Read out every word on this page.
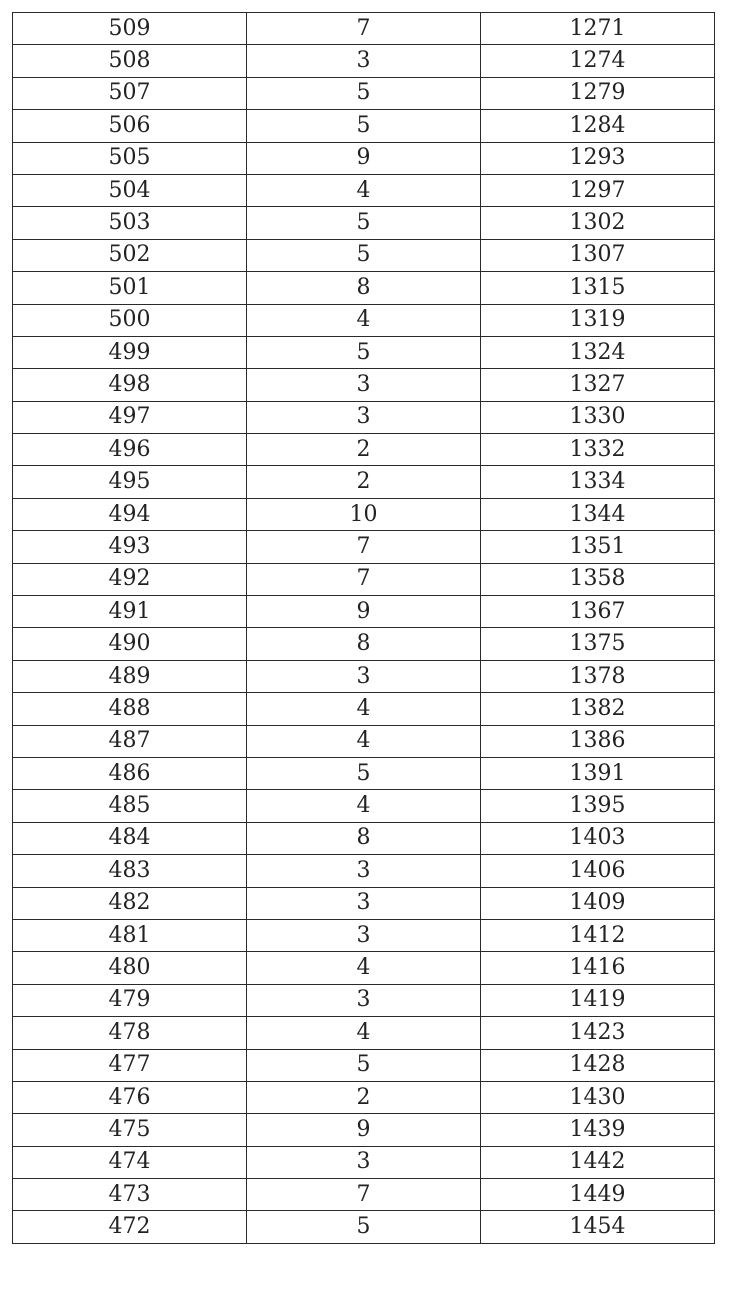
509	7	1271
508	3	1274
507	5	1279
506	5	1284
505	9	1293
504	4	1297
503	5	1302
502	5	1307
501	8	1315
500	4	1319
499	5	1324
498	3	1327
497	3	1330
496	2	1332
495	2	1334
494	10	1344
493	7	1351
492	7	1358
491	9	1367
490	8	1375
489	3	1378
488	4	1382
487	4	1386
486	5	1391
485	4	1395
484	8	1403
483	3	1406
482	3	1409
481	3	1412
480	4	1416
479	3	1419
478	4	1423
477	5	1428
476	2	1430
475	9	1439
474	3	1442
473	7	1449
472	5	1454
